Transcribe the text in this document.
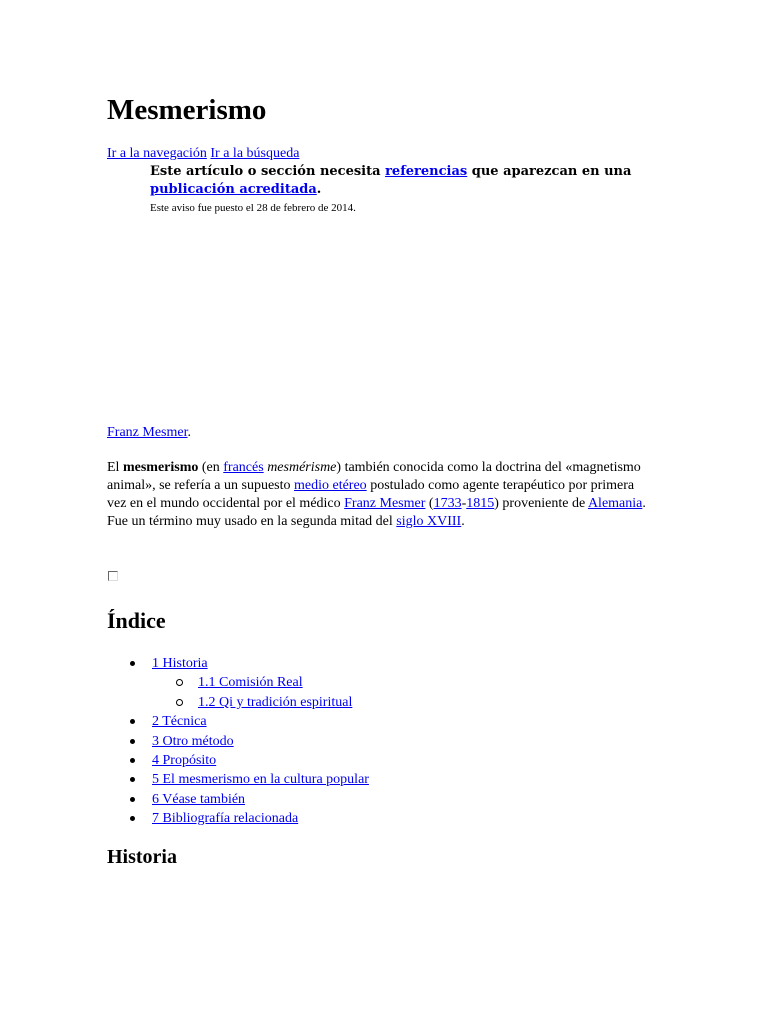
Mesmerismo
Ir a la navegación Ir a la búsqueda

Este artículo o sección necesita referencias que aparezcan en una publicación acreditada.

Este aviso fue puesto el 28 de febrero de 2014.

Franz Mesmer.

El mesmerismo (en francés mesmérisme) también conocida como la doctrina del «magnetismo animal», se refería a un supuesto medio etéreo postulado como agente terapéutico por primera vez en el mundo occidental por el médico Franz Mesmer (1733-1815) proveniente de Alemania. Fue un término muy usado en la segunda mitad del siglo XVIII.

Índice
1 Historia
1.1 Comisión Real
1.2 Qi y tradición espiritual
2 Técnica
3 Otro método
4 Propósito
5 El mesmerismo en la cultura popular
6 Véase también
7 Bibliografía relacionada
Historia
